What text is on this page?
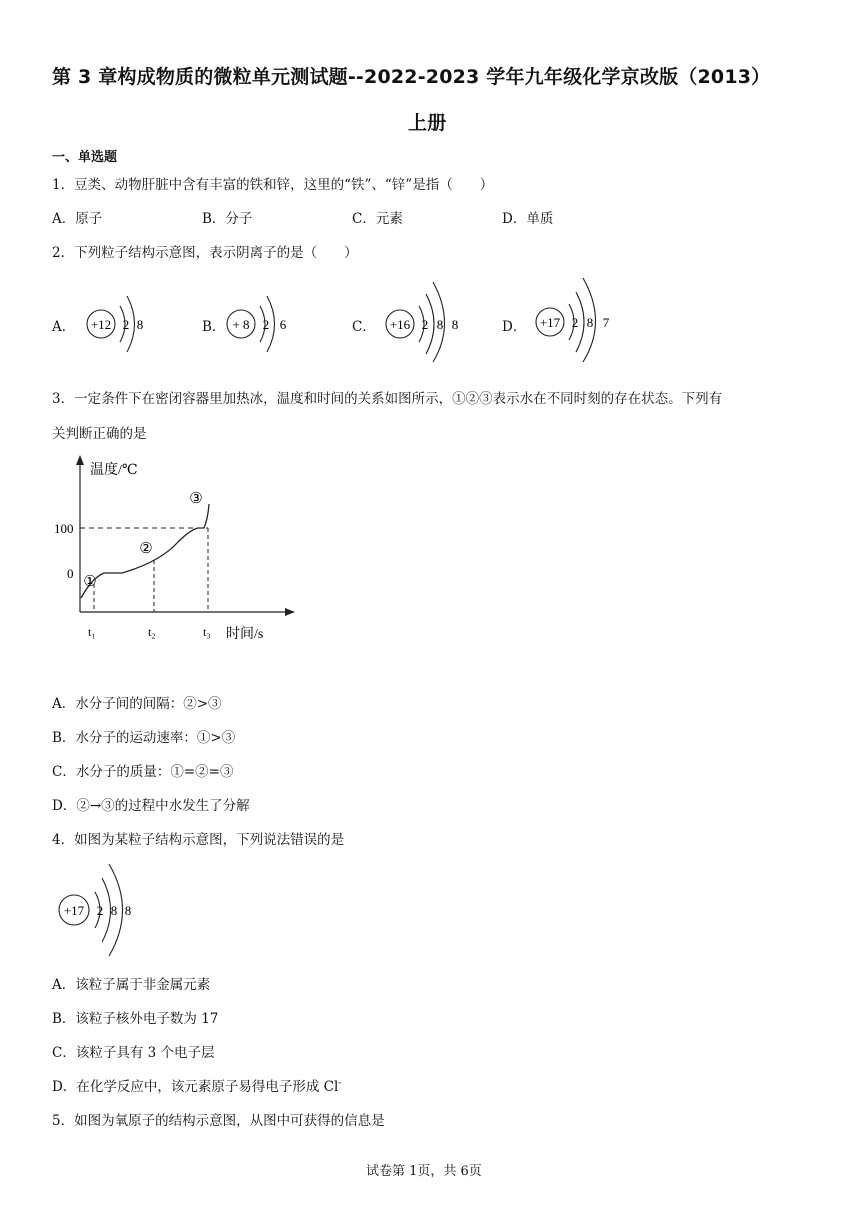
第 3 章构成物质的微粒单元测试题--2022-2023 学年九年级化学京改版（2013）
上册
一、单选题
1．豆类、动物肝脏中含有丰富的铁和锌，这里的“铁”、“锌”是指（　　）
A．原子	B．分子	C．元素	D．单质
2．下列粒子结构示意图，表示阴离子的是（　　）
A． +12 2 8	B． + 8 2 6	C． +16 2 8 8	D． +17 2 8 7
3．一定条件下在密闭容器里加热冰，温度和时间的关系如图所示，①②③表示水在不同时刻的存在状态。下列有
关判断正确的是
温度/℃
时间/s
100
0
t₁	t₂	t₃
①
②
③
A．水分子间的间隔：②>③
B．水分子的运动速率：①>③
C．水分子的质量：①=②=③
D．②→③的过程中水发生了分解
4．如图为某粒子结构示意图，下列说法错误的是
+17 2 8 8
A．该粒子属于非金属元素
B．该粒子核外电子数为 17
C．该粒子具有 3 个电子层
D．在化学反应中，该元素原子易得电子形成 Cl-
5．如图为氧原子的结构示意图，从图中可获得的信息是
试卷第 1页，共 6页
